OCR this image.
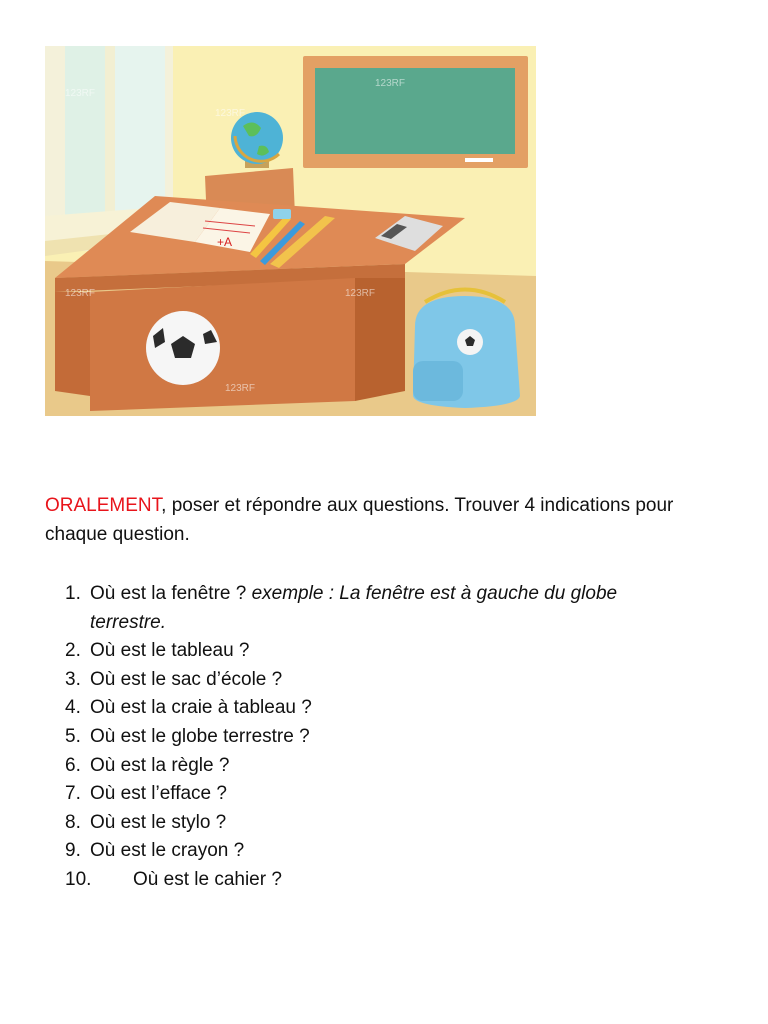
+A
123RF
123RF
123RF
123RF
123RF
123RF

ORALEMENT, poser et répondre aux questions. Trouver 4 indications pour chaque question.

1. Où est la fenêtre ? exemple : La fenêtre est à gauche du globe terrestre.
2. Où est le tableau ?
3. Où est le sac d’école ?
4. Où est la craie à tableau ?
5. Où est le globe terrestre ?
6. Où est la règle ?
7. Où est l’efface ?
8. Où est le stylo ?
9. Où est le crayon ?
10. Où est le cahier ?
